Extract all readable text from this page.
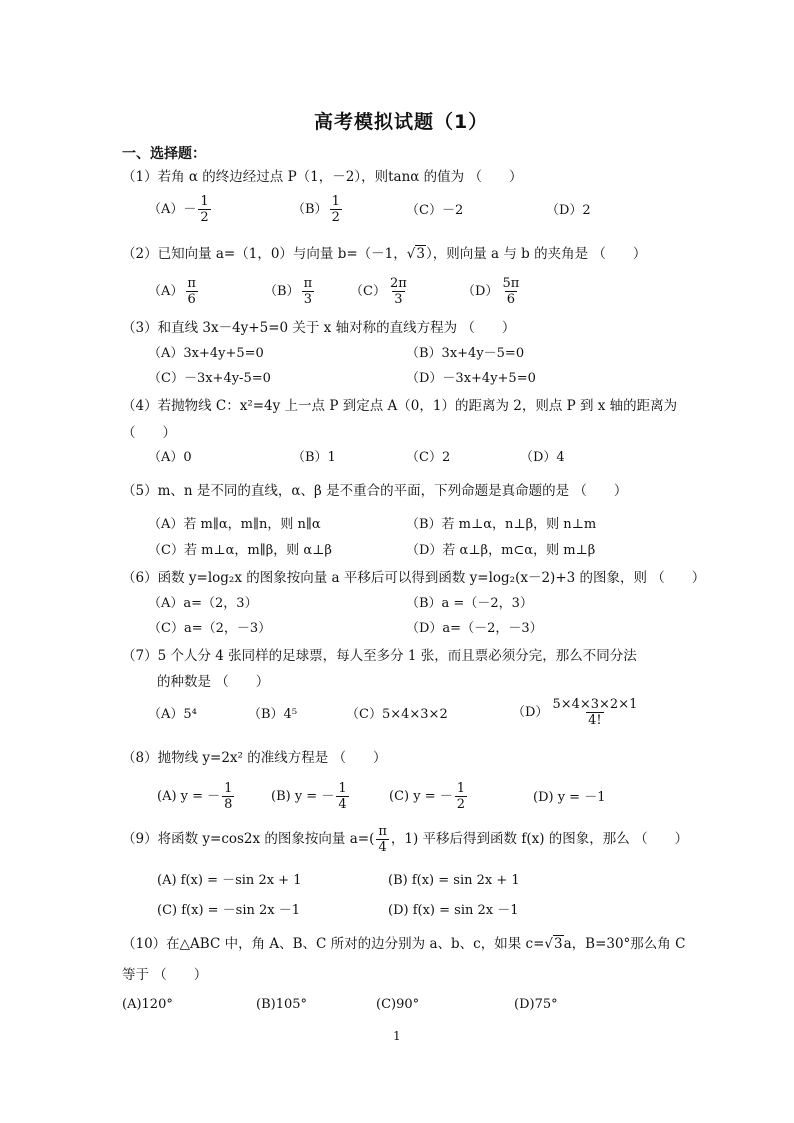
高考模拟试题（1）
一、选择题：
（1）若角 α 的终边经过点 P（1，－2），则tanα 的值为 （　　）
$(A)- \frac{1}{2}$	$(B) \frac{1}{2}$	（C）－2	（D）2
（2）已知向量 a=（1，0）与向量 b=（－1，√3），则向量 a 与 b 的夹角是 （　　）
$(A) \frac{\pi}{6}$	$(B) \frac{\pi}{3}$	$(C) \frac{2\pi}{3}$	$(D) \frac{5\pi}{6}$
（3）和直线 3x－4y+5=0 关于 x 轴对称的直线方程为 （　　）
（A）3x+4y+5=0	（B）3x+4y－5=0
（C）－3x+4y-5=0	（D）－3x+4y+5=0
（4）若抛物线 C：x²=4y 上一点 P 到定点 A（0，1）的距离为 2，则点 P 到 x 轴的距离为
（　　）
（A）0	（B）1	（C）2	（D）4
（5）m、n 是不同的直线，α、β 是不重合的平面，下列命题是真命题的是 （　　）
（A）若 m∥α，m∥n，则 n∥α	（B）若 m⊥α，n⊥β，则 n⊥m
（C）若 m⊥α，m∥β，则 α⊥β	（D）若 α⊥β，m⊂α，则 m⊥β
（6）函数 y=log₂x 的图象按向量 a 平移后可以得到函数 y=log₂(x－2)+3 的图象，则 （　　）
（A）a=（2，3）	（B）a =（－2，3）
（C）a=（2，－3）	（D）a=（－2，－3）
（7）5 个人分 4 张同样的足球票，每人至多分 1 张，而且票必须分完，那么不同分法
的种数是 （　　）
（A）5⁴	（B）4⁵	（C）5×4×3×2	$(D) \frac{5\times 4\times 3\times 2\times 1}{4!}$
（8）抛物线 y=2x² 的准线方程是 （　　）
(A) y = － $\frac{1}{8}$	(B) y = － $\frac{1}{4}$	(C) y = － $\frac{1}{2}$	(D) y = －1
（9）将函数 y=cos2x 的图象按向量 $a=( \frac{\pi}{4}$ ，1) 平移后得到函数 f(x) 的图象，那么 （　　）
(A) f(x) = －sin 2x + 1	(B) f(x) = sin 2x + 1
(C) f(x) = －sin 2x －1	(D) f(x) = sin 2x －1
（10）在△ABC 中，角 A、B、C 所对的边分别为 a、b、c，如果 c=√3a，B=30°那么角 C
等于 （　　）
(A)120°	(B)105°	(C)90°	(D)75°
1
